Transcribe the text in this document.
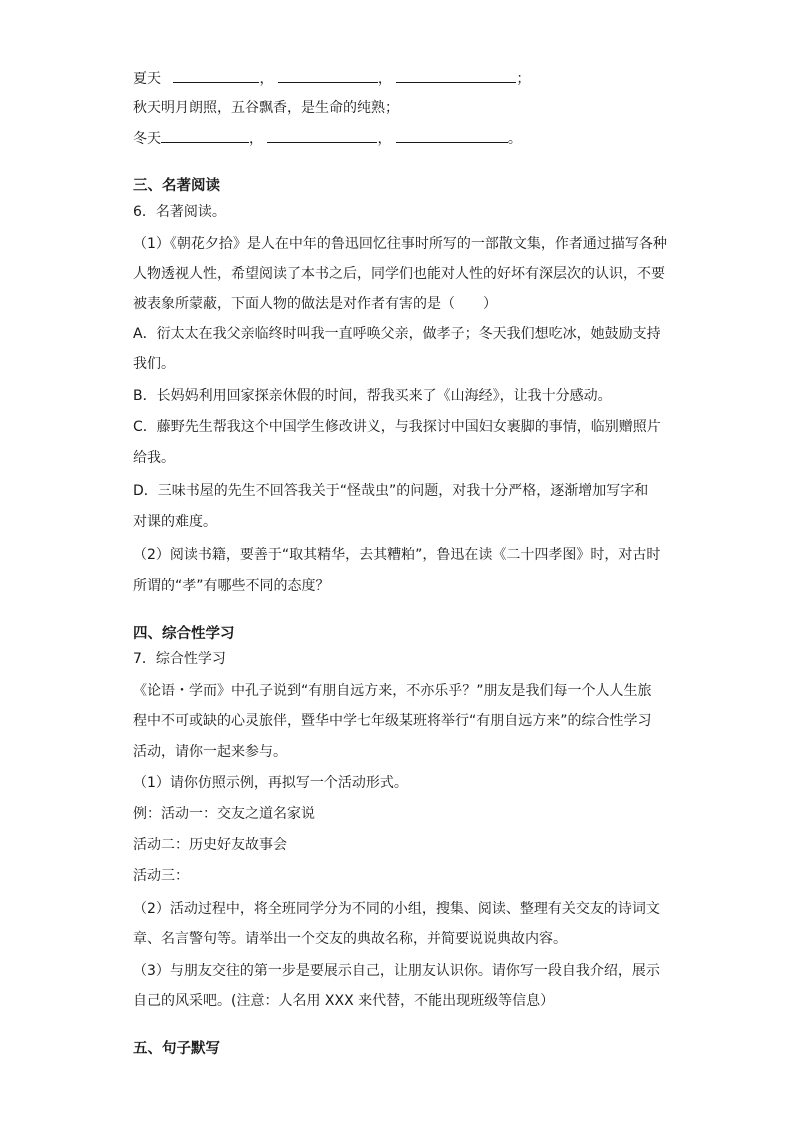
夏天	，	，	；
秋天明月朗照，五谷飘香，是生命的纯熟；
冬天	，	，	。
三、名著阅读
6．名著阅读。
（1）《朝花夕拾》是人在中年的鲁迅回忆往事时所写的一部散文集，作者通过描写各种
人物透视人性，希望阅读了本书之后，同学们也能对人性的好坏有深层次的认识，不要
被表象所蒙蔽，下面人物的做法是对作者有害的是（　　）
A．衍太太在我父亲临终时叫我一直呼唤父亲，做孝子；冬天我们想吃冰，她鼓励支持
我们。
B．长妈妈利用回家探亲休假的时间，帮我买来了《山海经》，让我十分感动。
C．藤野先生帮我这个中国学生修改讲义，与我探讨中国妇女裹脚的事情，临别赠照片
给我。
D．三味书屋的先生不回答我关于“怪哉虫”的问题，对我十分严格，逐渐增加写字和
对课的难度。
（2）阅读书籍，要善于“取其精华，去其糟粕”，鲁迅在读《二十四孝图》时，对古时
所谓的“孝”有哪些不同的态度？
四、综合性学习
7．综合性学习
《论语・学而》中孔子说到“有朋自远方来，不亦乐乎？”朋友是我们每一个人人生旅
程中不可或缺的心灵旅伴，暨华中学七年级某班将举行“有朋自远方来”的综合性学习
活动，请你一起来参与。
（1）请你仿照示例，再拟写一个活动形式。
例：活动一：交友之道名家说
活动二：历史好友故事会
活动三：
（2）活动过程中，将全班同学分为不同的小组，搜集、阅读、整理有关交友的诗词文
章、名言警句等。请举出一个交友的典故名称，并简要说说典故内容。
（3）与朋友交往的第一步是要展示自己，让朋友认识你。请你写一段自我介绍，展示
自己的风采吧。(注意：人名用 XXX 来代替，不能出现班级等信息）
五、句子默写
